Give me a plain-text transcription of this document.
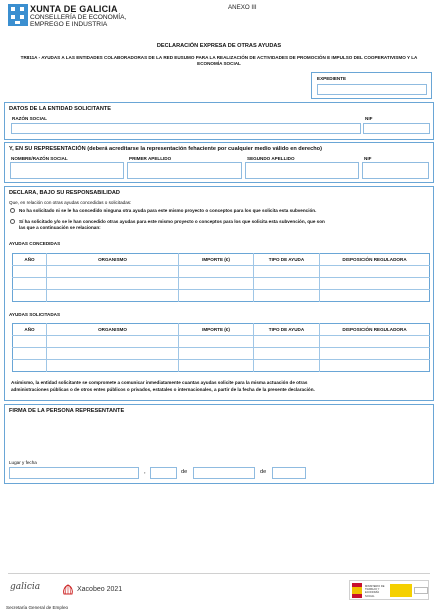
XUNTA DE GALICIA
CONSELLERÍA DE ECONOMÍA,
EMPREGO E INDUSTRIA
ANEXO III
DECLARACIÓN EXPRESA DE OTRAS AYUDAS
TR811A - AYUDAS A LAS ENTIDADES COLABORADORAS DE LA RED EUSUMO PARA LA REALIZACIÓN DE ACTIVIDADES DE PROMOCIÓN E IMPULSO DEL COOPERATIVISMO Y LA ECONOMÍA SOCIAL
EXPEDIENTE
DATOS DE LA ENTIDAD SOLICITANTE
RAZÓN SOCIAL	NIF
Y, EN SU REPRESENTACIÓN (deberá acreditarse la representación fehaciente por cualquier medio válido en derecho)
NOMBRE/RAZÓN SOCIAL	PRIMER APELLIDO	SEGUNDO APELLIDO	NIF
DECLARA, BAJO SU RESPONSABILIDAD
Que, en relación con otras ayudas concedidas o solicitadas:
No ha solicitado ni se le ha concedido ninguna otra ayuda para este mismo proyecto o conceptos para los que solicita esta subvención.
Sí ha solicitado y/o se le han concedido otras ayudas para este mismo proyecto o conceptos para los que solicita esta subvención, que son
las que a continuación se relacionan:
AYUDAS CONCEDIDAS
AÑO	ORGANISMO	IMPORTE (€)	TIPO DE AYUDA	DISPOSICIÓN REGULADORA

AYUDAS SOLICITADAS
AÑO	ORGANISMO	IMPORTE (€)	TIPO DE AYUDA	DISPOSICIÓN REGULADORA

Asimismo, la entidad solicitante se compromete a comunicar inmediatamente cuantas ayudas solicite para la misma actuación de otras
administraciones públicas o de otros entes públicos o privados, estatales o internacionales, a partir de la fecha de la presente declaración.
FIRMA DE LA PERSONA REPRESENTANTE
Lugar y fecha
,	de	de
galicia	Xacobeo 2021	MINISTERIO DE TRABAJO Y ECONOMÍA SOCIAL
Secretaría General de Empleo
